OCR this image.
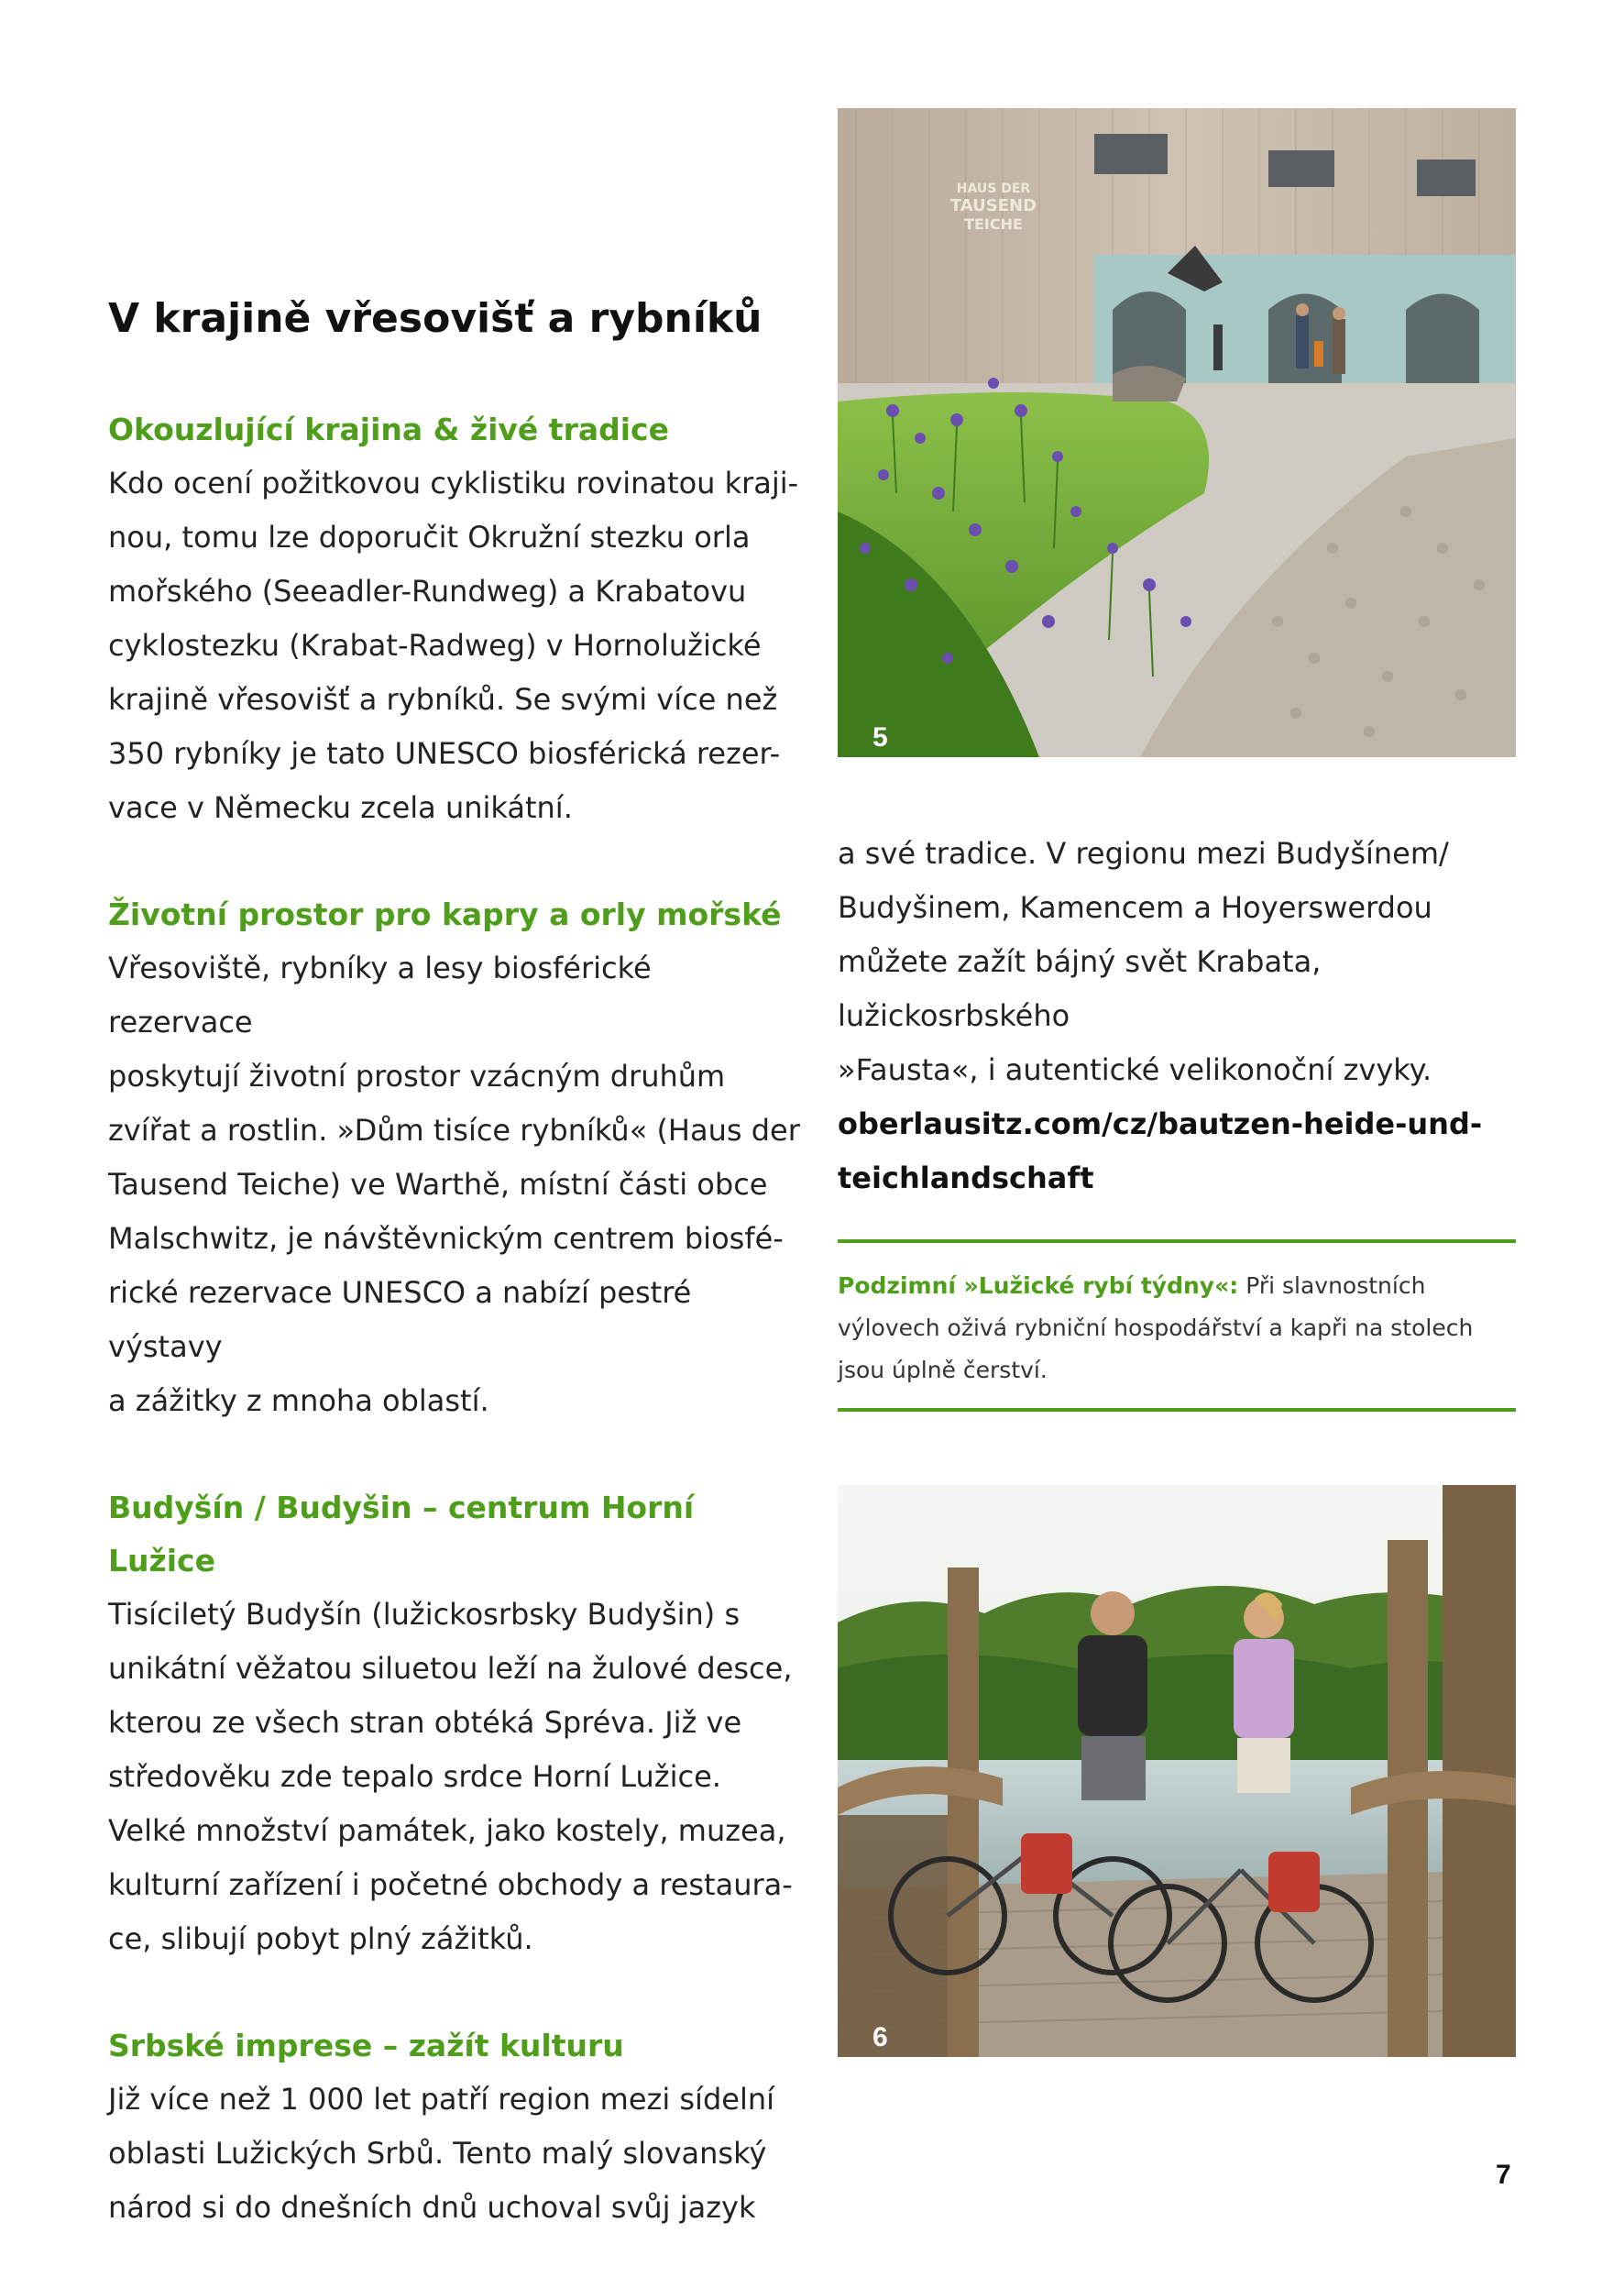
V krajině vřesovišť a rybníků

Okouzlující krajina & živé tradice

Kdo ocení požitkovou cyklistiku rovinatou kraji-
nou, tomu lze doporučit Okružní stezku orla
mořského (Seeadler-Rundweg) a Krabatovu
cyklostezku (Krabat-Radweg) v Hornolužické
krajině vřesovišť a rybníků. Se svými více než
350 rybníky je tato UNESCO biosférická rezer-
vace v Německu zcela unikátní.

Životní prostor pro kapry a orly mořské

Vřesoviště, rybníky a lesy biosférické rezervace
poskytují životní prostor vzácným druhům
zvířat a rostlin. »Dům tisíce rybníků« (Haus der
Tausend Teiche) ve Warthě, místní části obce
Malschwitz, je návštěvnickým centrem biosfé-
rické rezervace UNESCO a nabízí pestré výstavy
a zážitky z mnoha oblastí.

Budyšín / Budyšin – centrum Horní Lužice

Tisíciletý Budyšín (lužickosrbsky Budyšin) s
unikátní věžatou siluetou leží na žulové desce,
kterou ze všech stran obtéká Spréva. Již ve
středověku zde tepalo srdce Horní Lužice.
Velké množství památek, jako kostely, muzea,
kulturní zařízení i početné obchody a restaura-
ce, slibují pobyt plný zážitků.

Srbské imprese – zažít kulturu

Již více než 1 000 let patří region mezi sídelní
oblasti Lužických Srbů. Tento malý slovanský
národ si do dnešních dnů uchoval svůj jazyk

HAUS DER
TAUSEND
TEICHE
5

a své tradice. V regionu mezi Budyšínem/
Budyšinem, Kamencem a Hoyerswerdou
můžete zažít bájný svět Krabata, lužickosrbského
»Fausta«, i autentické velikonoční zvyky.

oberlausitz.com/cz/bautzen-heide-und-
teichlandschaft

Podzimní »Lužické rybí týdny«: Při slavnostních výlovech oživá rybniční hospodářství a kapři na stolech jsou úplně čerství.

6
7
